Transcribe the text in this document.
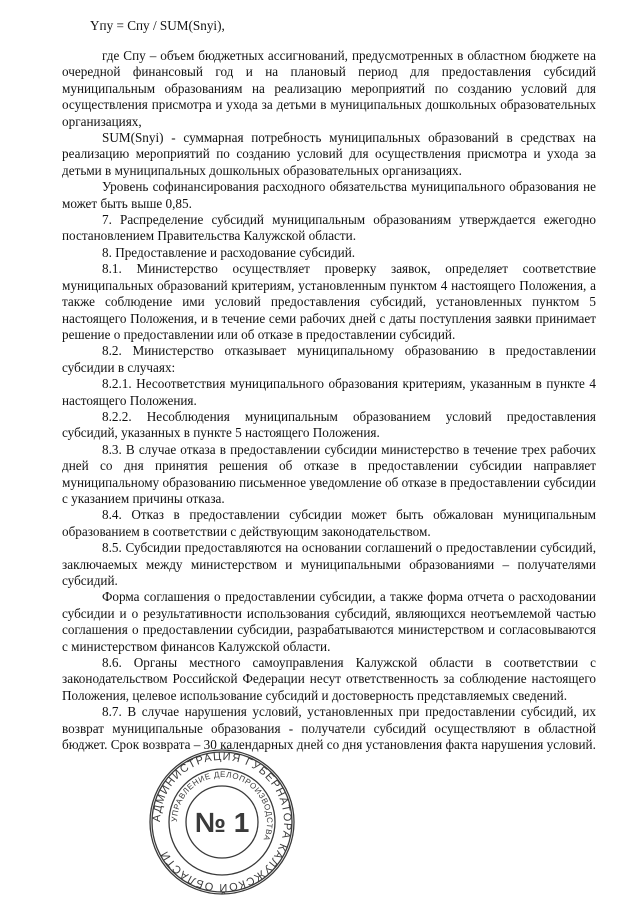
Yпу = Cпу / SUM(Snyi),

где Спу – объем бюджетных ассигнований, предусмотренных в областном бюджете на очередной финансовый год и на плановый период для предоставления субсидий муниципальным образованиям на реализацию мероприятий по созданию условий для осуществления присмотра и ухода за детьми в муниципальных дошкольных образовательных организациях,

SUM(Snyi) - суммарная потребность муниципальных образований в средствах на реализацию мероприятий по созданию условий для осуществления присмотра и ухода за детьми в муниципальных дошкольных образовательных организациях.

Уровень софинансирования расходного обязательства муниципального образования не может быть выше 0,85.

7. Распределение субсидий муниципальным образованиям утверждается ежегодно постановлением Правительства Калужской области.

8. Предоставление и расходование субсидий.

8.1. Министерство осуществляет проверку заявок, определяет соответствие муниципальных образований критериям, установленным пунктом 4 настоящего Положения, а также соблюдение ими условий предоставления субсидий, установленных пунктом 5 настоящего Положения, и в течение семи рабочих дней с даты поступления заявки принимает решение о предоставлении или об отказе в предоставлении субсидий.

8.2. Министерство отказывает муниципальному образованию в предоставлении субсидии в случаях:

8.2.1. Несоответствия муниципального образования критериям, указанным в пункте 4 настоящего Положения.

8.2.2. Несоблюдения муниципальным образованием условий предоставления субсидий, указанных в пункте 5 настоящего Положения.

8.3. В случае отказа в предоставлении субсидии министерство в течение трех рабочих дней со дня принятия решения об отказе в предоставлении субсидии направляет муниципальному образованию письменное уведомление об отказе в предоставлении субсидии с указанием причины отказа.

8.4. Отказ в предоставлении субсидии может быть обжалован муниципальным образованием в соответствии с действующим законодательством.

8.5. Субсидии предоставляются на основании соглашений о предоставлении субсидий, заключаемых между министерством и муниципальными образованиями – получателями субсидий.

Форма соглашения о предоставлении субсидии, а также форма отчета о расходовании субсидии и о результативности использования субсидий, являющихся неотъемлемой частью соглашения о предоставлении субсидии, разрабатываются министерством и согласовываются с министерством финансов Калужской области.

8.6. Органы местного самоуправления Калужской области в соответствии с законодательством Российской Федерации несут ответственность за соблюдение настоящего Положения, целевое использование субсидий и достоверность представляемых сведений.

8.7. В случае нарушения условий, установленных при предоставлении субсидий, их возврат муниципальные образования - получатели субсидий осуществляют в областной бюджет. Срок возврата – 30 календарных дней со дня установления факта нарушения условий.

АДМИНИСТРАЦИЯ ГУБЕРНАТОРА КАЛУЖСКОЙ ОБЛАСТИ
УПРАВЛЕНИЕ ДЕЛОПРОИЗВОДСТВА
№ 1
